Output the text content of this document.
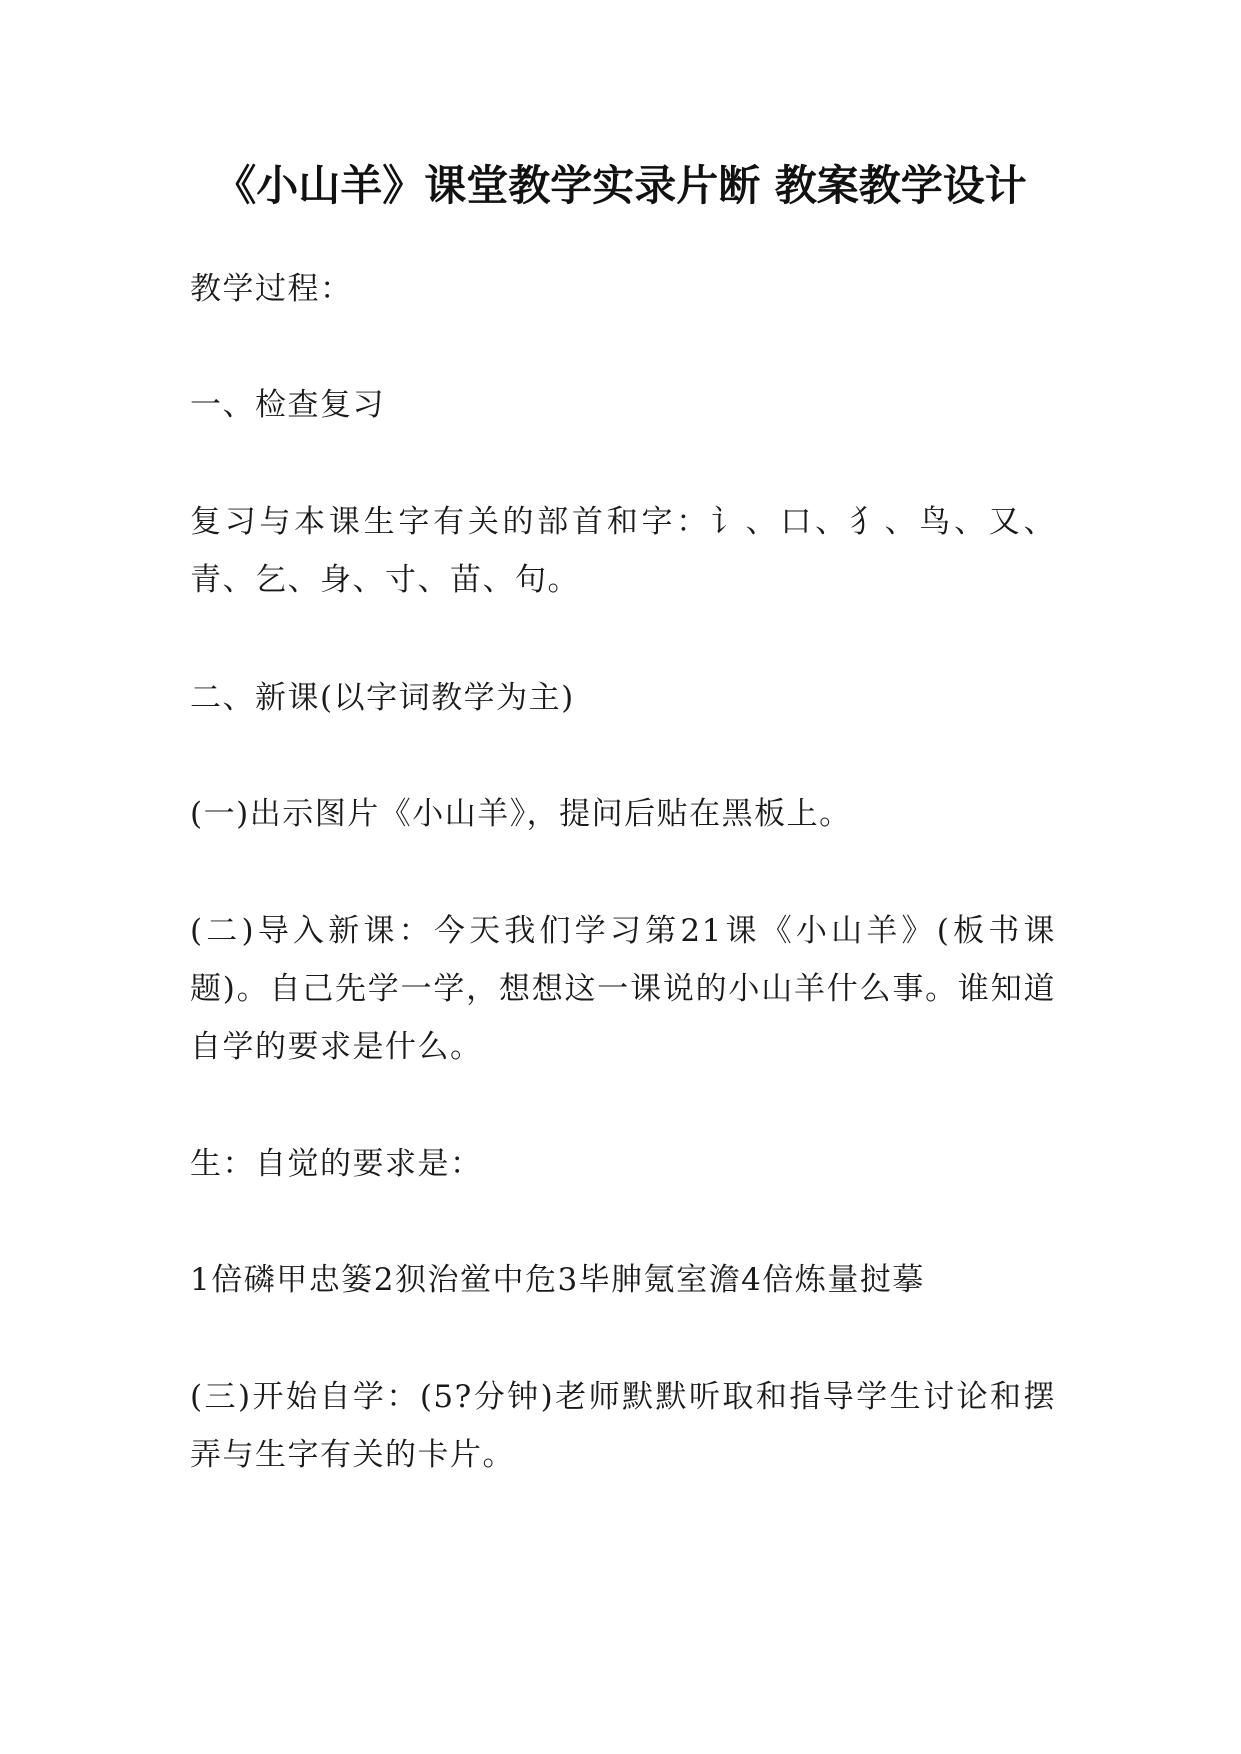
《小山羊》课堂教学实录片断 教案教学设计

教学过程：

一、检查复习

复习与本课生字有关的部首和字：讠、口、犭、鸟、又、青、乞、身、寸、苗、句。

二、新课(以字词教学为主)

(一)出示图片《小山羊》，提问后贴在黑板上。

(二)导入新课：今天我们学习第21课《小山羊》(板书课题)。自己先学一学，想想这一课说的小山羊什么事。谁知道自学的要求是什么。

生：自觉的要求是：

1倍磷甲忠篓2狈治鲎中危3毕胂氪室澹4倍炼量挝摹

(三)开始自学：(5?分钟)老师默默听取和指导学生讨论和摆弄与生字有关的卡片。
